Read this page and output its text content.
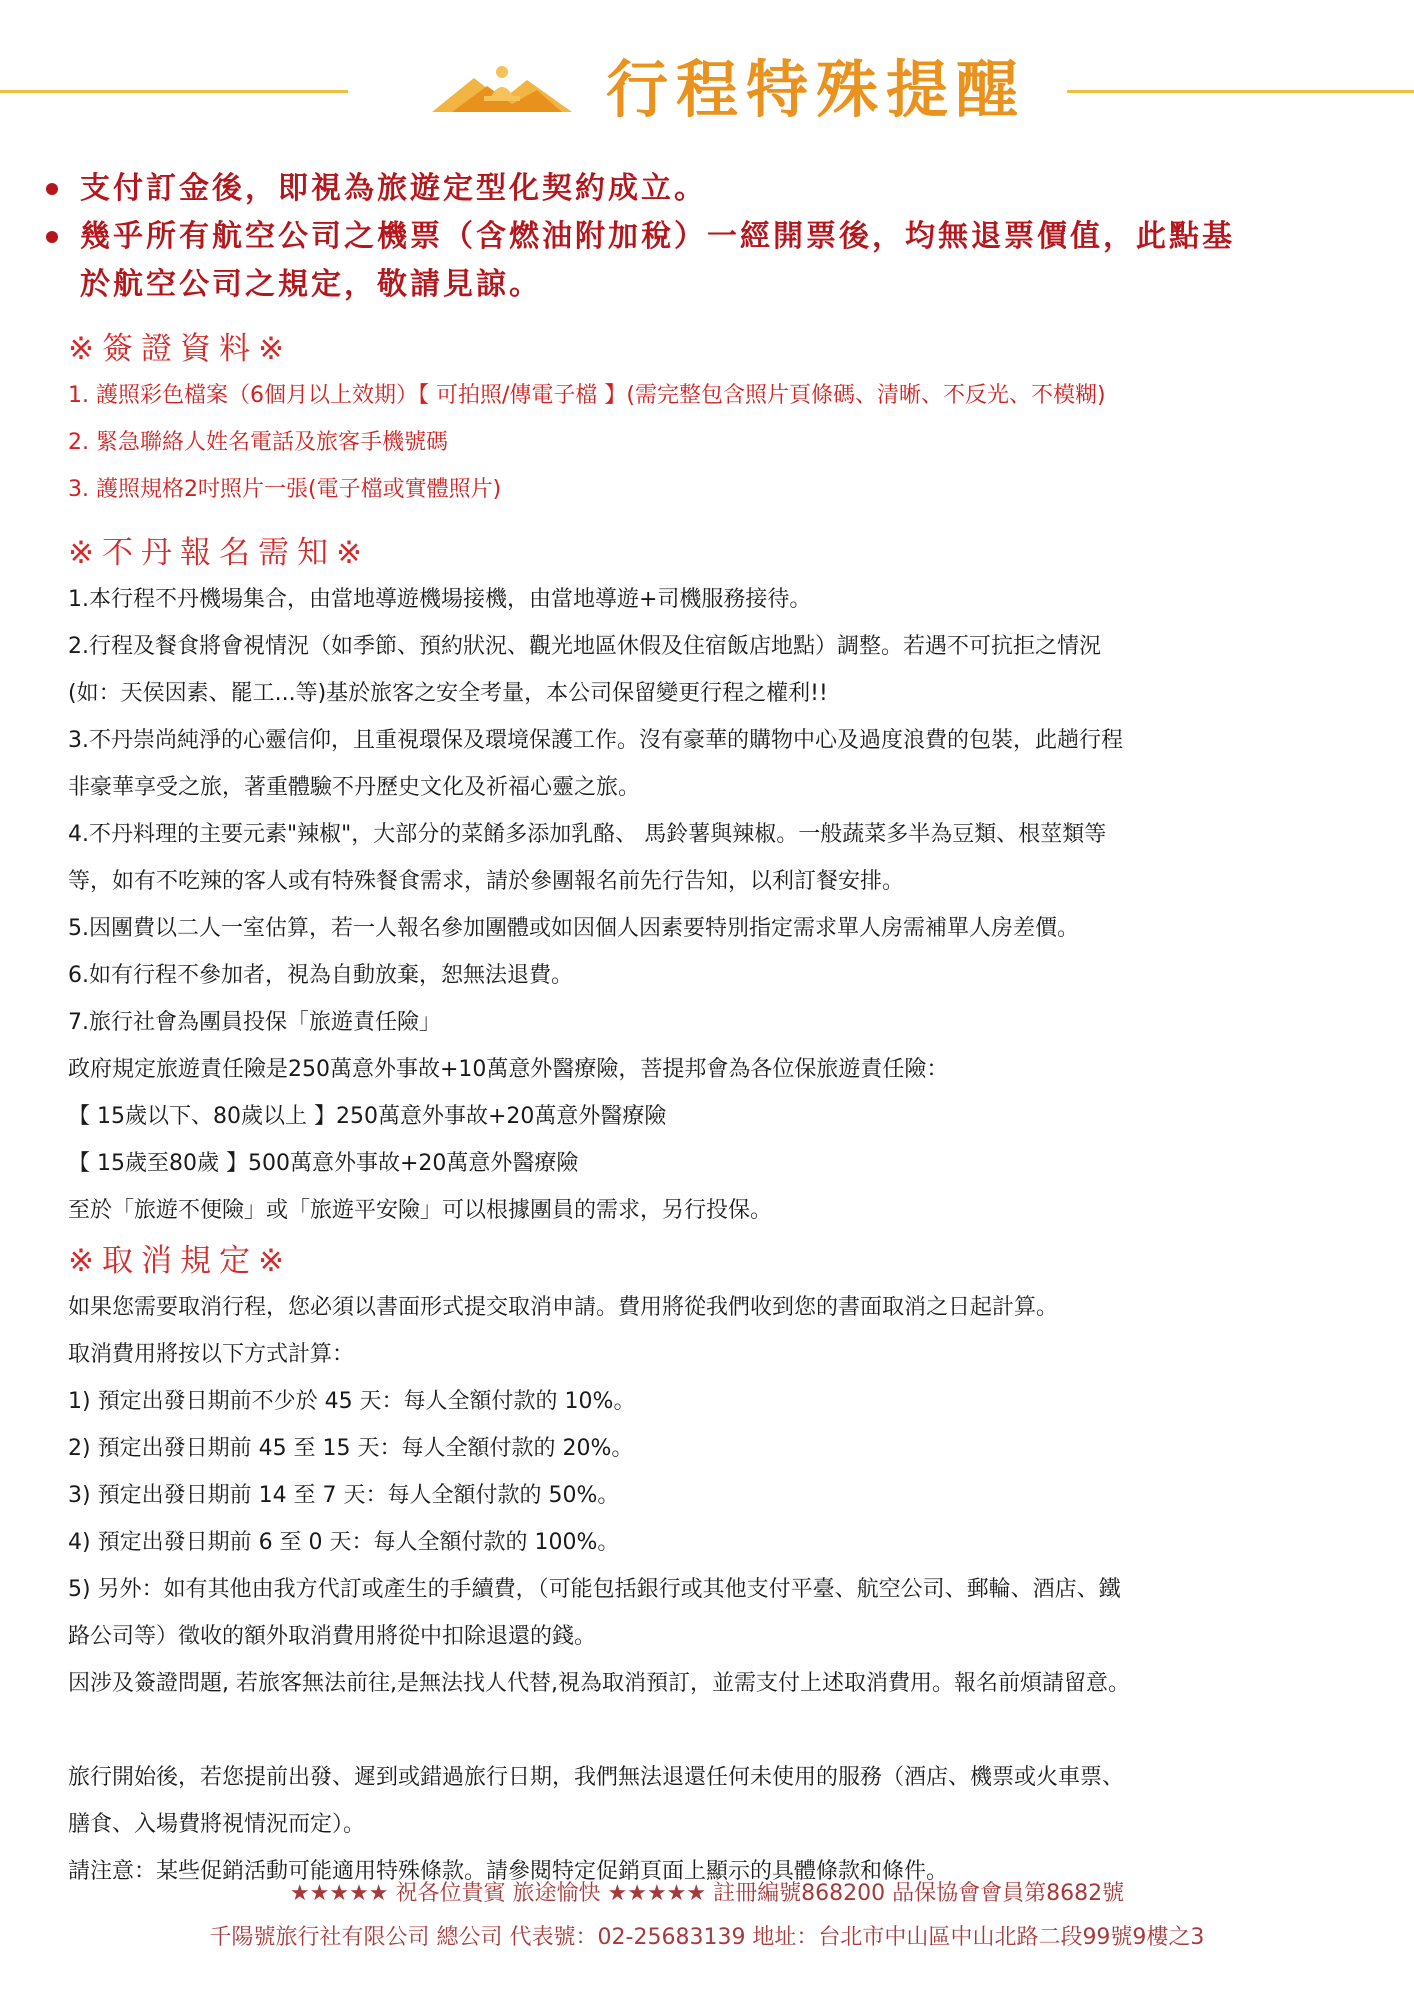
行程特殊提醒
支付訂金後，即視為旅遊定型化契約成立。
幾乎所有航空公司之機票（含燃油附加稅）一經開票後，均無退票價值，此點基
於航空公司之規定，敬請見諒。
※簽證資料※
1. 護照彩色檔案（6個月以上效期）【 可拍照/傳電子檔 】(需完整包含照片頁條碼、清晰、不反光、不模糊)
2. 緊急聯絡人姓名電話及旅客手機號碼
3. 護照規格2吋照片一張(電子檔或實體照片)
※不丹報名需知※
1.本行程不丹機場集合，由當地導遊機場接機，由當地導遊+司機服務接待。
2.行程及餐食將會視情況（如季節、預約狀況、觀光地區休假及住宿飯店地點）調整。若遇不可抗拒之情況
(如：天侯因素、罷工...等)基於旅客之安全考量，本公司保留變更行程之權利!!
3.不丹崇尚純淨的心靈信仰，且重視環保及環境保護工作。沒有豪華的購物中心及過度浪費的包裝，此趟行程
非豪華享受之旅，著重體驗不丹歷史文化及祈福心靈之旅。
4.不丹料理的主要元素"辣椒"，大部分的菜餚多添加乳酪、 馬鈴薯與辣椒。一般蔬菜多半為豆類、根莖類等
等，如有不吃辣的客人或有特殊餐食需求，請於參團報名前先行告知，以利訂餐安排。
5.因團費以二人一室估算，若一人報名參加團體或如因個人因素要特別指定需求單人房需補單人房差價。
6.如有行程不參加者，視為自動放棄，恕無法退費。
7.旅行社會為團員投保「旅遊責任險」
政府規定旅遊責任險是250萬意外事故+10萬意外醫療險，菩提邦會為各位保旅遊責任險：
【 15歲以下、80歲以上 】250萬意外事故+20萬意外醫療險
【 15歲至80歲 】500萬意外事故+20萬意外醫療險
至於「旅遊不便險」或「旅遊平安險」可以根據團員的需求，另行投保。
※取消規定※
如果您需要取消行程，您必須以書面形式提交取消申請。費用將從我們收到您的書面取消之日起計算。
取消費用將按以下方式計算：
1) 預定出發日期前不少於 45 天：每人全額付款的 10%。
2) 預定出發日期前 45 至 15 天：每人全額付款的 20%。
3) 預定出發日期前 14 至 7 天：每人全額付款的 50%。
4) 預定出發日期前 6 至 0 天：每人全額付款的 100%。
5) 另外：如有其他由我方代訂或產生的手續費，（可能包括銀行或其他支付平臺、航空公司、郵輪、酒店、鐵
路公司等）徵收的額外取消費用將從中扣除退還的錢。
因涉及簽證問題, 若旅客無法前往,是無法找人代替,視為取消預訂，並需支付上述取消費用。報名前煩請留意。
旅行開始後，若您提前出發、遲到或錯過旅行日期，我們無法退還任何未使用的服務（酒店、機票或火車票、
膳食、入場費將視情況而定）。
請注意：某些促銷活動可能適用特殊條款。請參閱特定促銷頁面上顯示的具體條款和條件。
★★★★★ 祝各位貴賓 旅途愉快 ★★★★★ 註冊編號868200 品保協會會員第8682號
千陽號旅行社有限公司 總公司 代表號：02-25683139 地址：台北市中山區中山北路二段99號9樓之3
